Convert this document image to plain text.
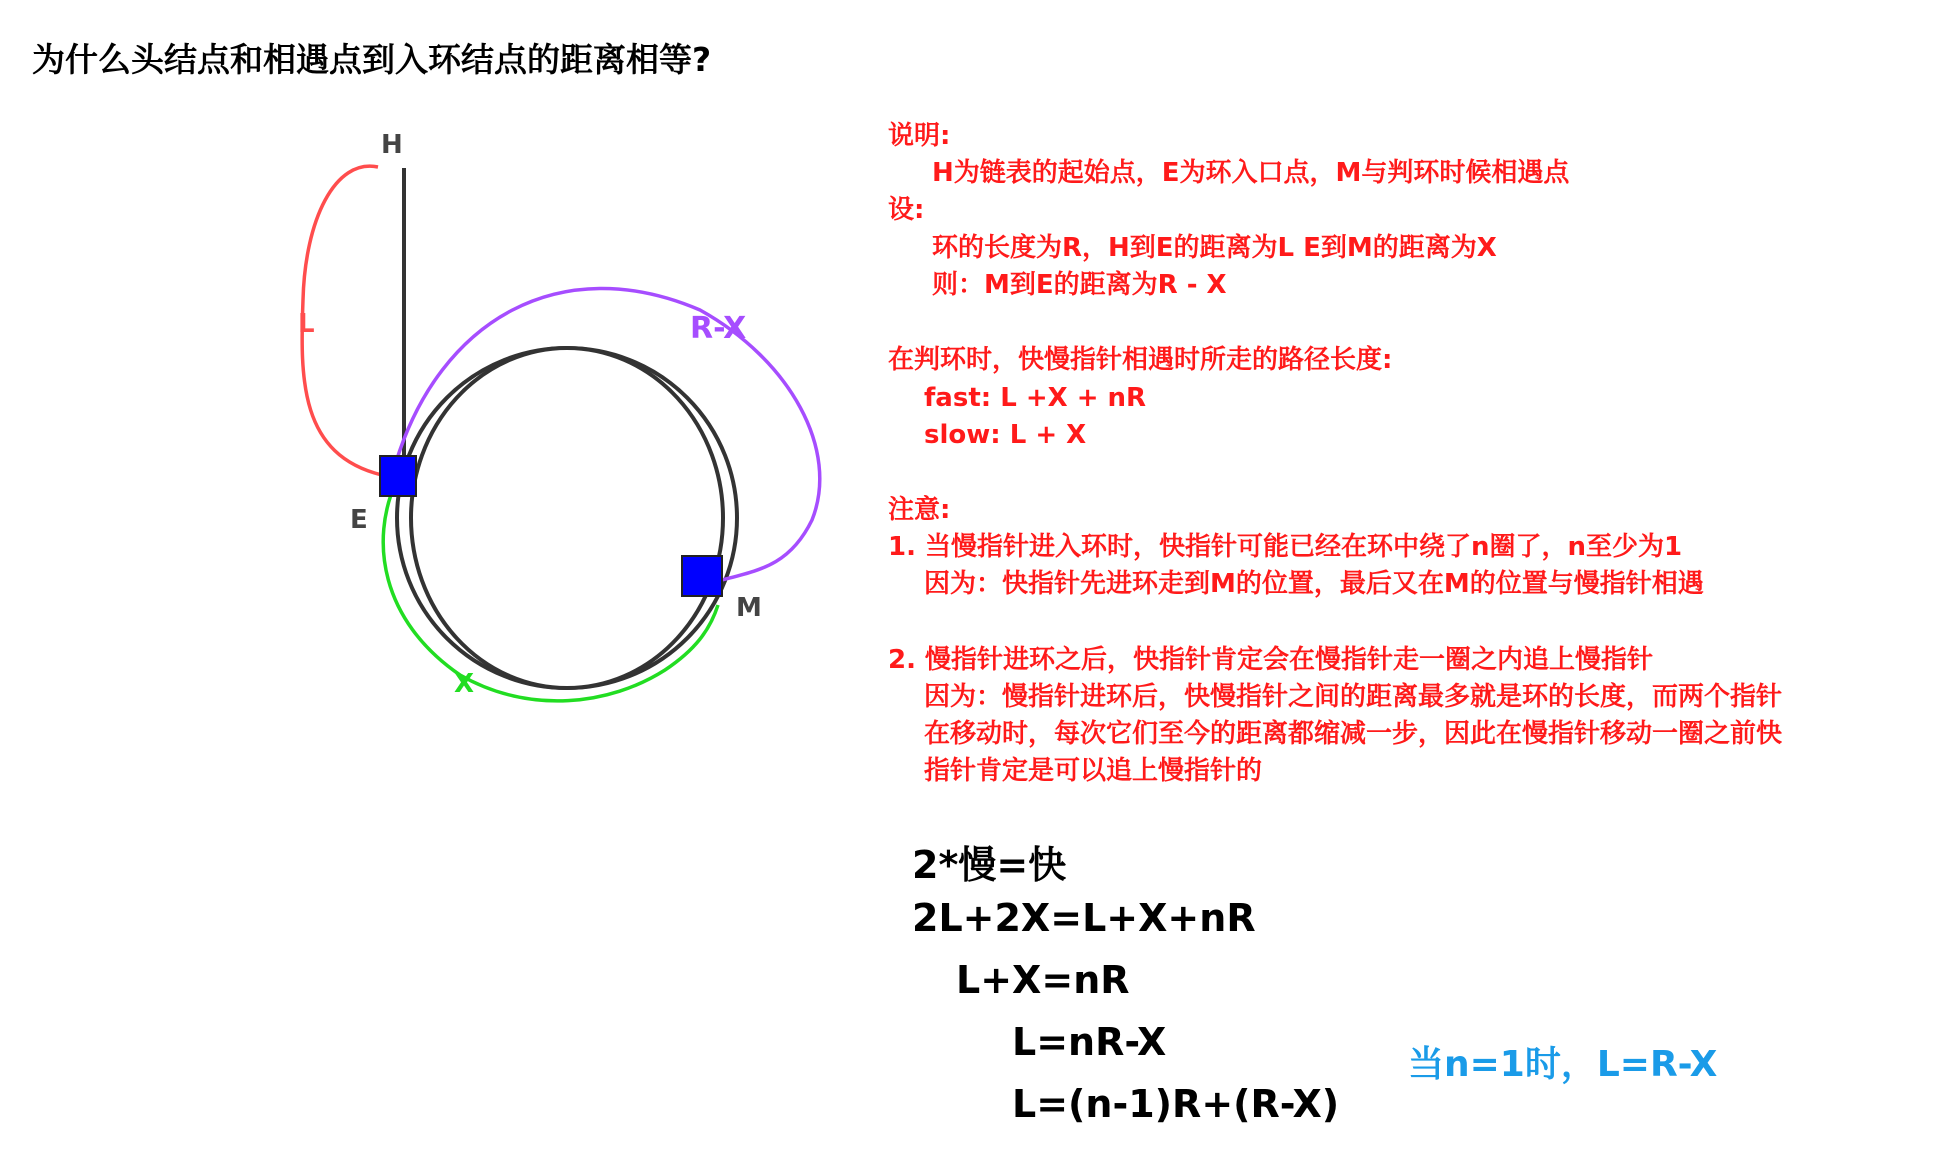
为什么头结点和相遇点到入环结点的距离相等?
H
E
M
L	R-X
X
说明:
H为链表的起始点，E为环入口点，M与判环时候相遇点
设:
环的长度为R，H到E的距离为L E到M的距离为X
则：M到E的距离为R - X
在判环时，快慢指针相遇时所走的路径长度:
fast: L +X + nR
slow: L + X
注意:
1. 当慢指针进入环时，快指针可能已经在环中绕了n圈了，n至少为1
因为：快指针先进环走到M的位置，最后又在M的位置与慢指针相遇
2. 慢指针进环之后，快指针肯定会在慢指针走一圈之内追上慢指针
因为：慢指针进环后，快慢指针之间的距离最多就是环的长度，而两个指针
在移动时，每次它们至今的距离都缩减一步，因此在慢指针移动一圈之前快
指针肯定是可以追上慢指针的
2*慢=快
2L+2X=L+X+nR
L+X=nR
L=nR-X
L=(n-1)R+(R-X)
当n=1时，L=R-X
